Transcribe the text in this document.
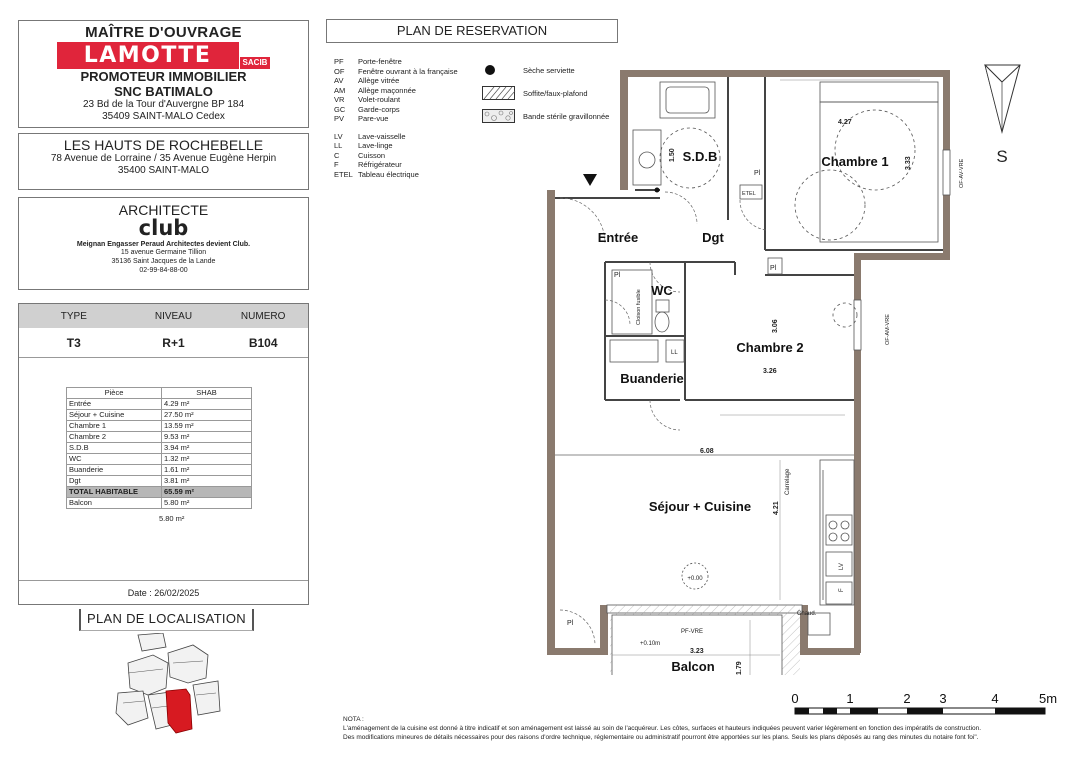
MAÎTRE D'OUVRAGE
LAMOTTE	SACIB
PROMOTEUR IMMOBILIER
SNC BATIMALO
23 Bd de la Tour d'Auvergne BP 184
35409 SAINT-MALO Cedex
LES HAUTS DE ROCHEBELLE
78 Avenue de Lorraine / 35 Avenue Eugène Herpin
35400 SAINT-MALO
ARCHITECTE
club
Meignan Engasser Peraud Architectes devient Club.
15 avenue Germaine Tillion
35136 Saint Jacques de la Lande
02-99-84-88-00
TYPE	NIVEAU	NUMERO
T3	R+1	B104
Pièce	SHAB
Entrée	4.29 m²
Séjour + Cuisine	27.50 m²
Chambre 1	13.59 m²
Chambre 2	9.53 m²
S.D.B	3.94 m²
WC	1.32 m²
Buanderie	1.61 m²
Dgt	3.81 m²
TOTAL HABITABLE	65.59 m²
Balcon	5.80 m²
5.80 m²
Date : 26/02/2025
PLAN DE LOCALISATION
PLAN DE RESERVATION
PF	Porte-fenêtre
OF	Fenêtre ouvrant à la française
AV	Allège vitrée
AM	Allège maçonnée
VR	Volet-roulant
GC	Garde-corps
PV	Pare-vue
LV	Lave-vaisselle
LL	Lave-linge
C	Cuisson
F	Réfrigérateur
ETEL Tableau électrique
Sèche serviette
Soffite/faux-plafond
Bande stérile gravillonnée
S.D.B	Chambre 1
Entrée	Dgt
WC
Chambre 2
Buanderie
Séjour + Cuisine
Balcon
Pl
ETEL
Pl
Pl
LL
Pl
Chaud.
PF-VRE
+0.00
+0.10m
Cloison fusible
Carrelage
LV
F
OF-AV-VRE
OF-AM-VRE
4.27
3.33
1.50
3.06
3.26
6.08
4.21
3.23
1.79
S
0	1	2 3	4	5m
NOTA :
L'aménagement de la cuisine est donné à titre indicatif et son aménagement est laissé au soin de l'acquéreur. Les côtes, surfaces et hauteurs indiquées peuvent varier légèrement en fonction des impératifs de construction.
Des modifications mineures de détails nécessaires pour des raisons d'ordre technique, réglementaire ou administratif pourront être apportées sur les plans. Seuls les plans déposés au rang des minutes du notaire font foi".
